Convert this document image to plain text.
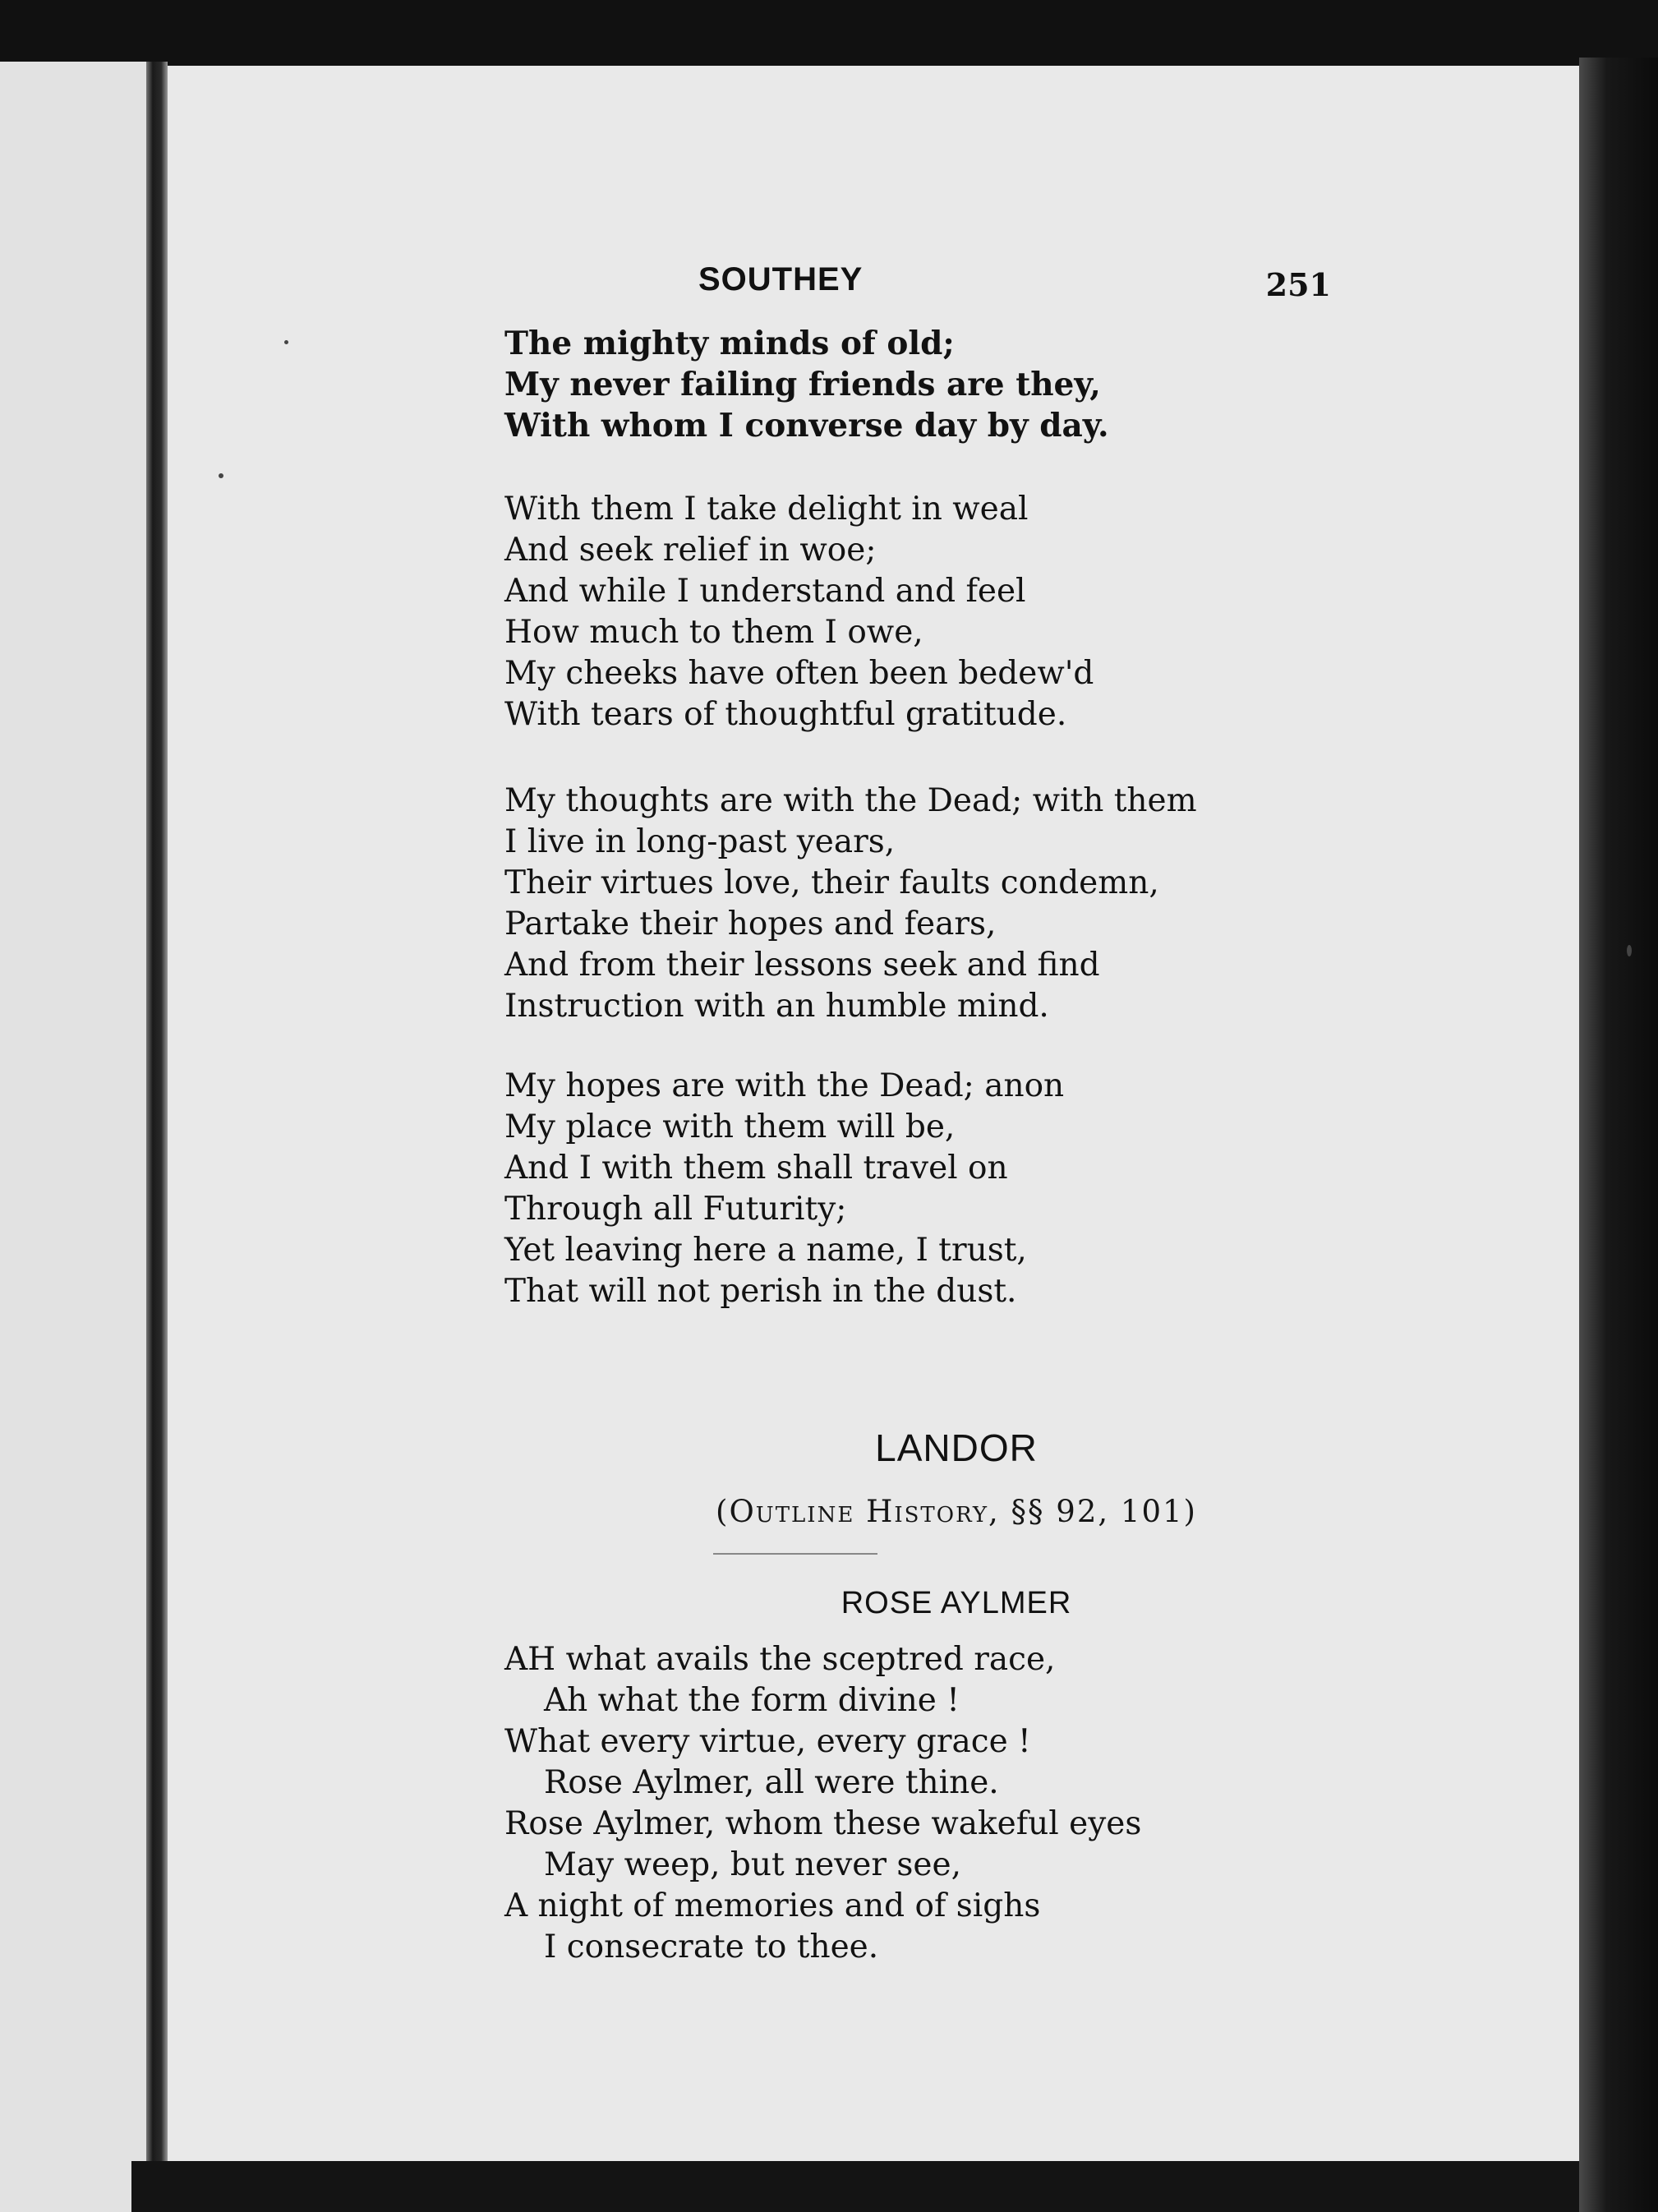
SOUTHEY	251
The mighty minds of old;
My never failing friends are they,
With whom I converse day by day.
With them I take delight in weal
And seek relief in woe;
And while I understand and feel
How much to them I owe,
My cheeks have often been bedew'd
With tears of thoughtful gratitude.
My thoughts are with the Dead; with them
I live in long-past years,
Their virtues love, their faults condemn,
Partake their hopes and fears,
And from their lessons seek and find
Instruction with an humble mind.
My hopes are with the Dead; anon
My place with them will be,
And I with them shall travel on
Through all Futurity;
Yet leaving here a name, I trust,
That will not perish in the dust.
LANDOR
(Outline History, §§ 92, 101)
ROSE AYLMER
AH what avails the sceptred race,
Ah what the form divine !
What every virtue, every grace !
Rose Aylmer, all were thine.
Rose Aylmer, whom these wakeful eyes
May weep, but never see,
A night of memories and of sighs
I consecrate to thee.
